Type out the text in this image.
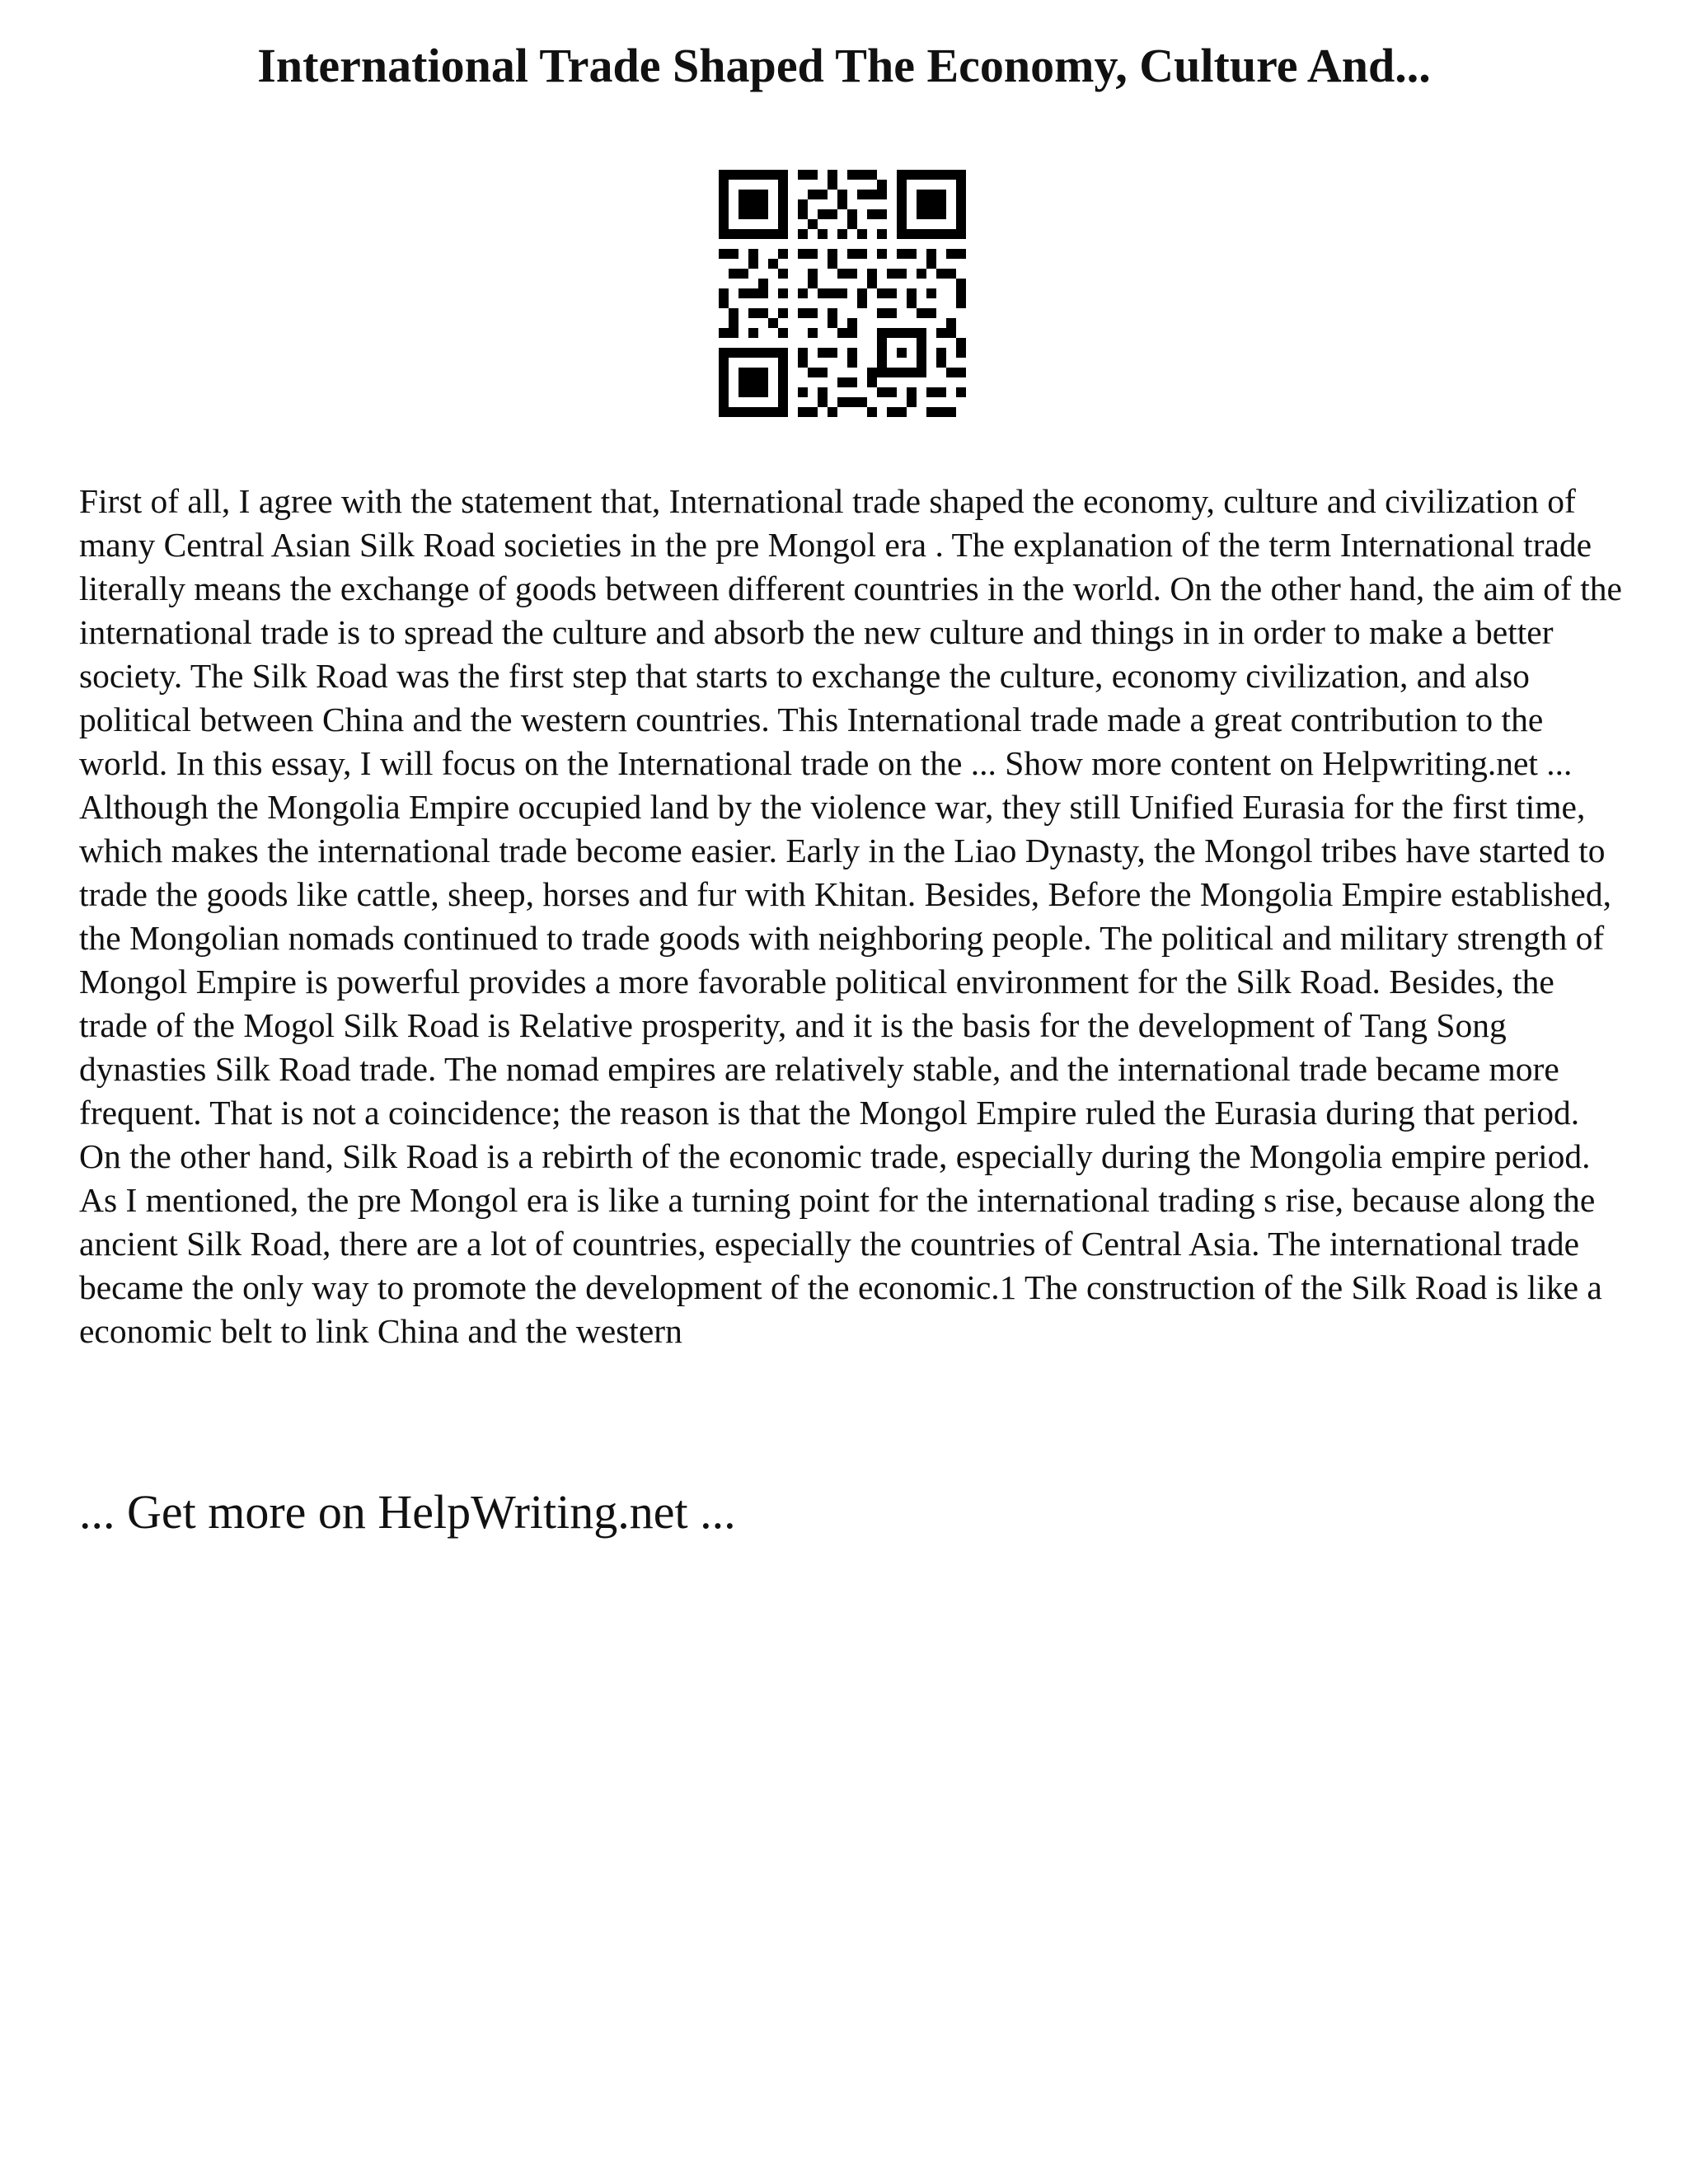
International Trade Shaped The Economy, Culture And...

First of all, I agree with the statement that, International trade shaped the economy, culture and civilization of many Central Asian Silk Road societies in the pre Mongol era . The explanation of the term International trade literally means the exchange of goods between different countries in the world. On the other hand, the aim of the international trade is to spread the culture and absorb the new culture and things in in order to make a better society. The Silk Road was the first step that starts to exchange the culture, economy civilization, and also political between China and the western countries. This International trade made a great contribution to the world. In this essay, I will focus on the International trade on the ... Show more content on Helpwriting.net ...

Although the Mongolia Empire occupied land by the violence war, they still Unified Eurasia for the first time, which makes the international trade become easier. Early in the Liao Dynasty, the Mongol tribes have started to trade the goods like cattle, sheep, horses and fur with Khitan. Besides, Before the Mongolia Empire established, the Mongolian nomads continued to trade goods with neighboring people. The political and military strength of Mongol Empire is powerful provides a more favorable political environment for the Silk Road. Besides, the trade of the Mogol Silk Road is Relative prosperity, and it is the basis for the development of Tang Song dynasties Silk Road trade. The nomad empires are relatively stable, and the international trade became more frequent. That is not a coincidence; the reason is that the Mongol Empire ruled the Eurasia during that period. On the other hand, Silk Road is a rebirth of the economic trade, especially during the Mongolia empire period. As I mentioned, the pre Mongol era is like a turning point for the international trading s rise, because along the ancient Silk Road, there are a lot of countries, especially the countries of Central Asia. The international trade became the only way to promote the development of the economic.1 The construction of the Silk Road is like a economic belt to link China and the western

... Get more on HelpWriting.net ...
